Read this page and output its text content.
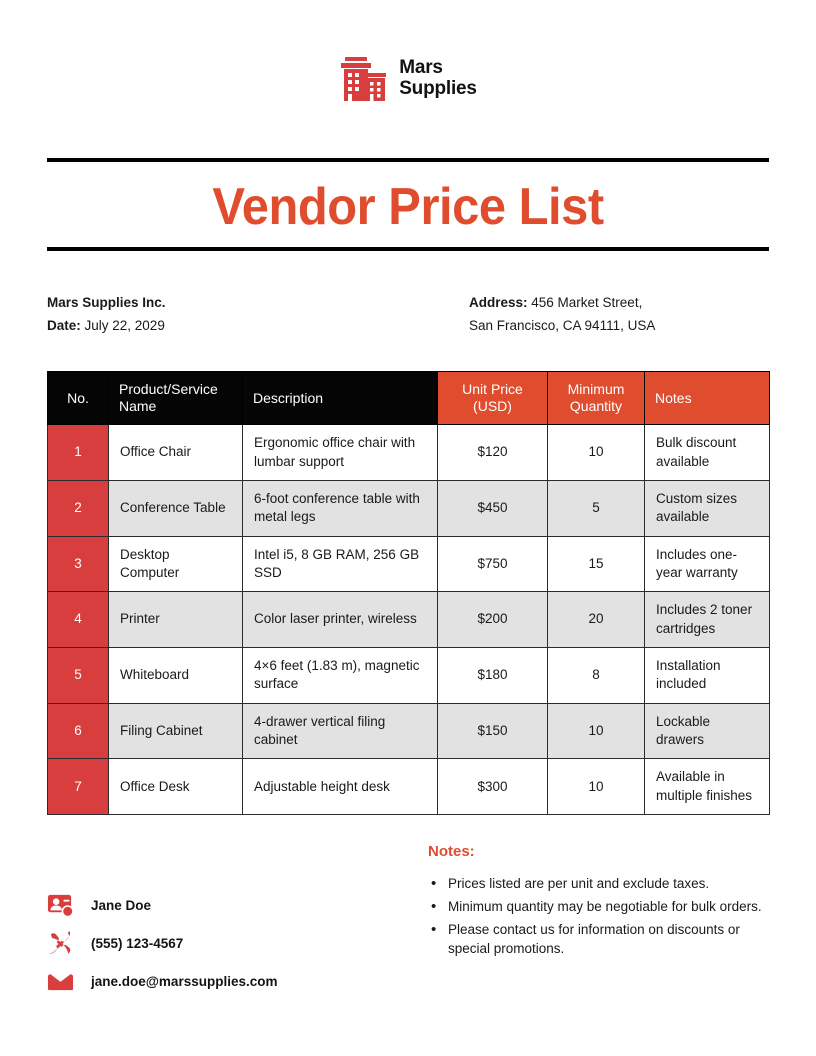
Mars
Supplies
Vendor Price List
Mars Supplies Inc.
Date: July 22, 2029
Address: 456 Market Street,
San Francisco, CA 94111, USA
No.	Product/Service Name	Description	Unit Price (USD)	Minimum Quantity	Notes
1	Office Chair	Ergonomic office chair with lumbar support	$120	10	Bulk discount available
2	Conference Table	6-foot conference table with metal legs	$450	5	Custom sizes available
3	Desktop Computer	Intel i5, 8 GB RAM, 256 GB SSD	$750	15	Includes one-year warranty
4	Printer	Color laser printer, wireless	$200	20	Includes 2 toner cartridges
5	Whiteboard	4×6 feet (1.83 m), magnetic surface	$180	8	Installation included
6	Filing Cabinet	4-drawer vertical filing cabinet	$150	10	Lockable drawers
7	Office Desk	Adjustable height desk	$300	10	Available in multiple finishes
Notes:
• Prices listed are per unit and exclude taxes.
• Minimum quantity may be negotiable for bulk orders.
• Please contact us for information on discounts or special promotions.
Jane Doe
(555) 123-4567
jane.doe@marssupplies.com
